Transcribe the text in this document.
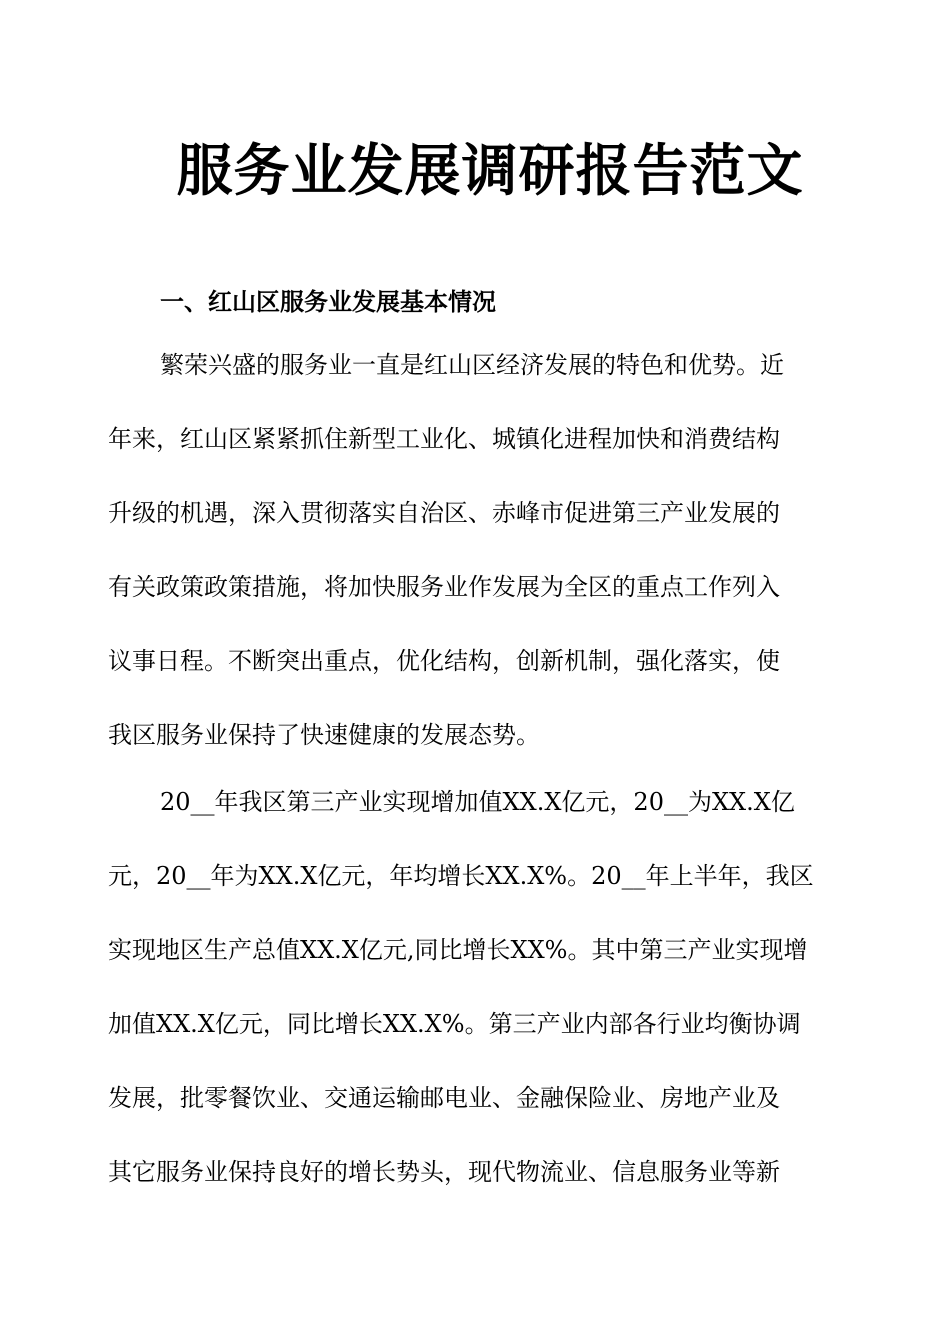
服务业发展调研报告范文
一、红山区服务业发展基本情况
繁荣兴盛的服务业一直是红山区经济发展的特色和优势。近
年来，红山区紧紧抓住新型工业化、城镇化进程加快和消费结构
升级的机遇，深入贯彻落实自治区、赤峰市促进第三产业发展的
有关政策政策措施，将加快服务业作发展为全区的重点工作列入
议事日程。不断突出重点，优化结构，创新机制，强化落实，使
我区服务业保持了快速健康的发展态势。
20__年我区第三产业实现增加值XX.X亿元，20__为XX.X亿
元，20__年为XX.X亿元，年均增长XX.X%。20__年上半年，我区
实现地区生产总值XX.X亿元,同比增长XX%。其中第三产业实现增
加值XX.X亿元，同比增长XX.X%。第三产业内部各行业均衡协调
发展，批零餐饮业、交通运输邮电业、金融保险业、房地产业及
其它服务业保持良好的增长势头，现代物流业、信息服务业等新
